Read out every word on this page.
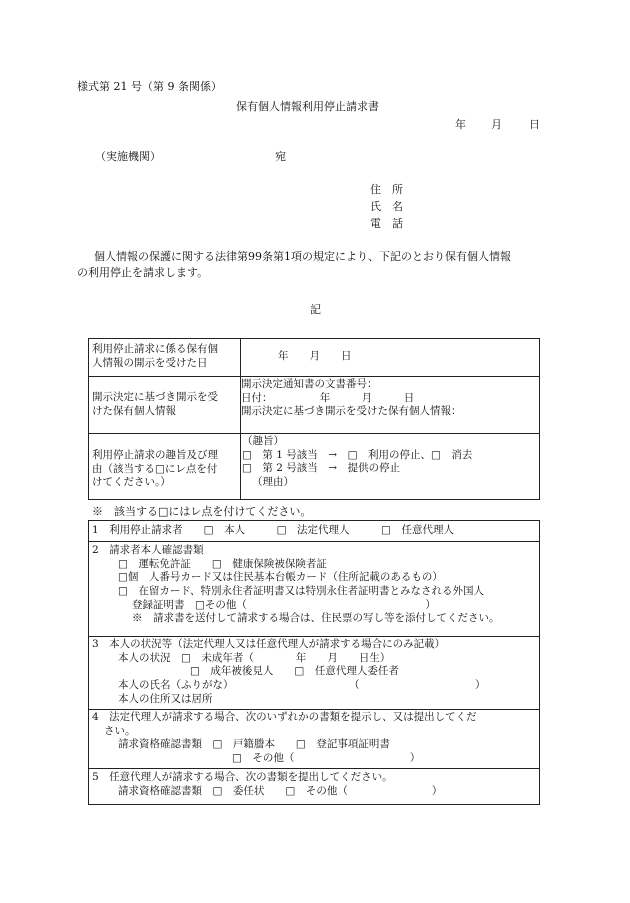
様式第 21 号（第 9 条関係）
保有個人情報利用停止請求書
年 月 日
（実施機関）	宛
住　所
氏　名
電　話
個人情報の保護に関する法律第99条第1項の規定により、下記のとおり保有個人情報
の利用停止を請求します。
記
利用停止請求に係る保有個
人情報の開示を受けた日
年　　月　　日
開示決定に基づき開示を受
けた保有個人情報
開示決定通知書の文書番号：
日付：　　　　　年　　　月　　　日
開示決定に基づき開示を受けた保有個人情報：
利用停止請求の趣旨及び理
由（該当する□にレ点を付
けてください。）
（趣旨）
□　第 1 号該当　→　□　利用の停止、□　消去
□　第 2 号該当　→　提供の停止
（理由）
※　該当する□にはレ点を付けてください。
1　利用停止請求者　　□　本人　　　□　法定代理人　　　□　任意代理人
2　請求者本人確認書類
□　運転免許証　　□　健康保険被保険者証
□個　人番号カード又は住民基本台帳カード（住所記載のあるもの）
□　在留カード、特別永住者証明書又は特別永住者証明書とみなされる外国人
登録証明書　□その他（　　　　　　　　　　　　　　　　　）
※　請求書を送付して請求する場合は、住民票の写し等を添付してください。
3　本人の状況等（法定代理人又は任意代理人が請求する場合にのみ記載）
本人の状況　□　未成年者（　　　　年　　月　　日生）
□　成年被後見人　　□　任意代理人委任者
本人の氏名（ふりがな）　　　　　　　　　　　　（　　　　　　　　　　　）
本人の住所又は居所
4　法定代理人が請求する場合、次のいずれかの書類を提示し、又は提出してくだ
さい。
請求資格確認書類　□　戸籍謄本　　□　登記事項証明書
□　その他（　　　　　　　　　　　）
5　任意代理人が請求する場合、次の書類を提出してください。
請求資格確認書類　□　委任状　　□　その他（　　　　　　　　）
